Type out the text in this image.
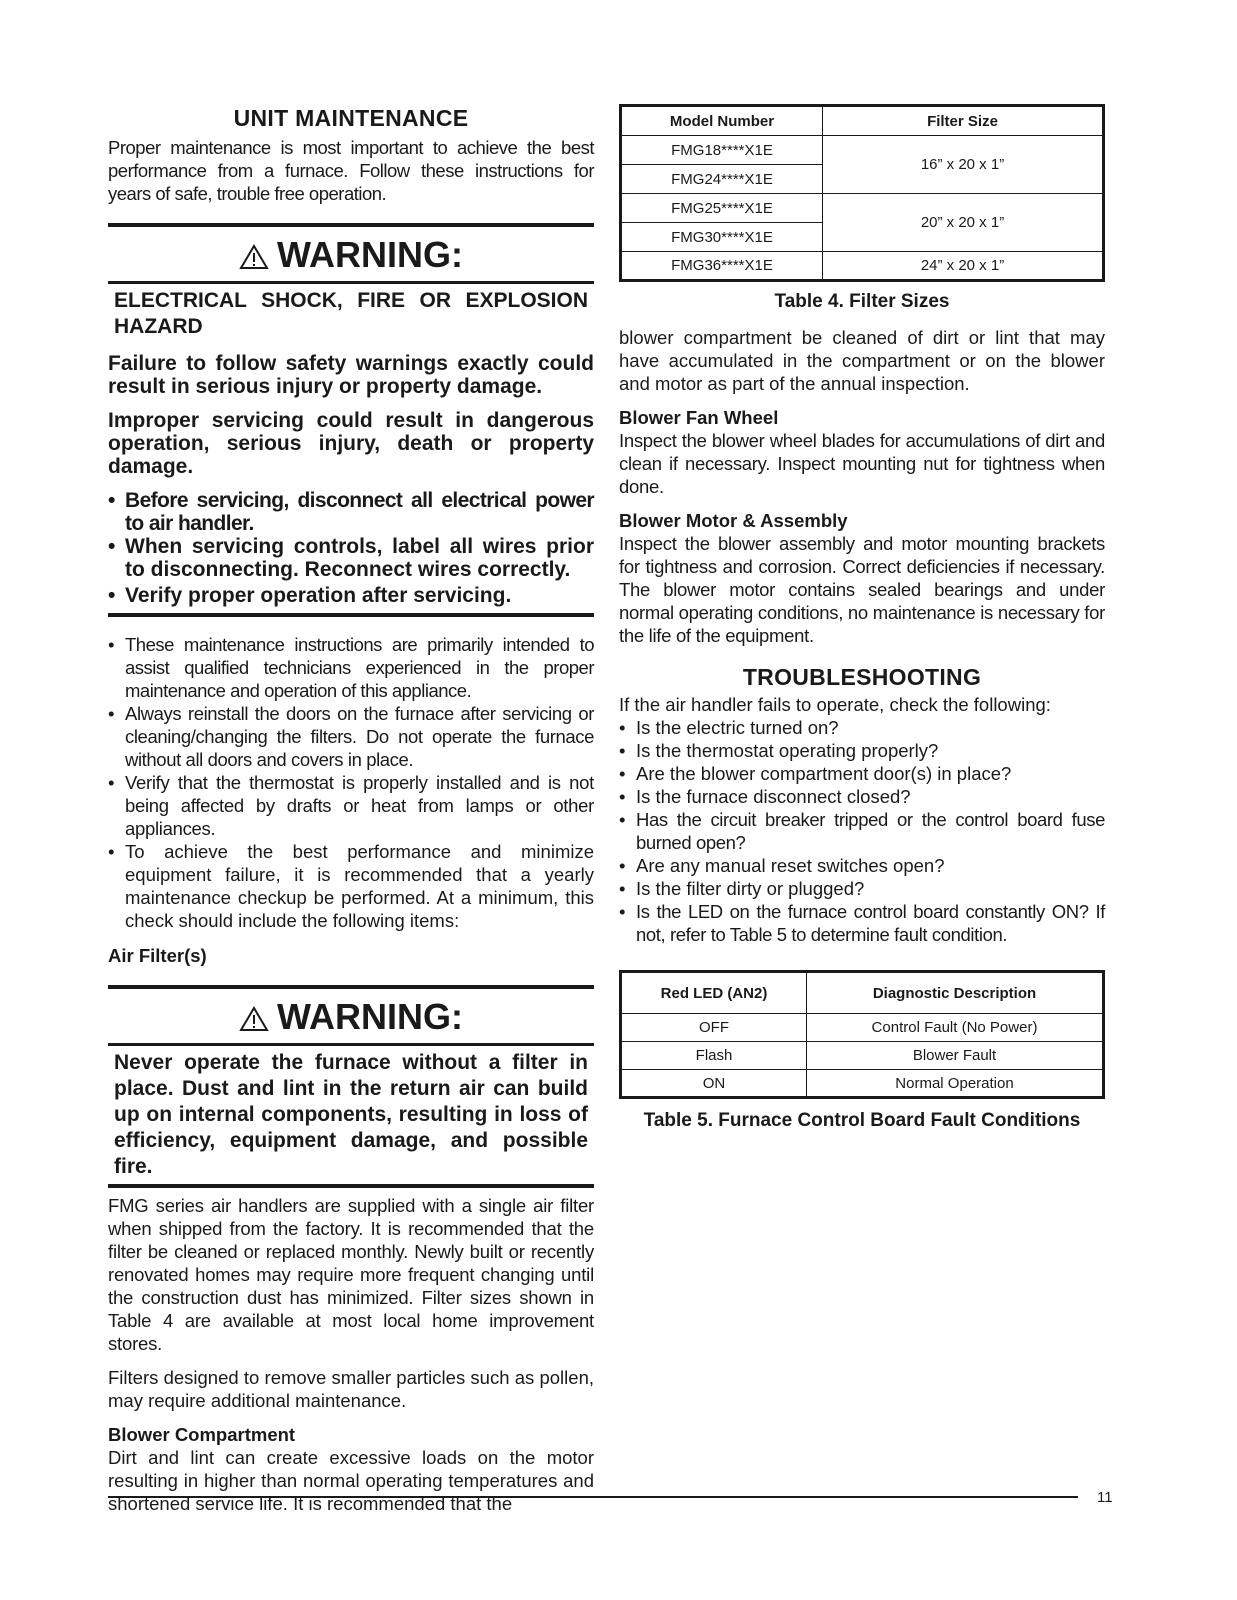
UNIT MAINTENANCE

Proper maintenance is most important to achieve the best performance from a furnace. Follow these instructions for years of safe, trouble free operation.

WARNING:

ELECTRICAL SHOCK, FIRE OR EXPLOSION HAZARD

Failure to follow safety warnings exactly could result in serious injury or property damage.

Improper servicing could result in dangerous operation, serious injury, death or property damage.

• Before servicing, disconnect all electrical power to air handler.
• When servicing controls, label all wires prior to disconnecting. Reconnect wires correctly.
• Verify proper operation after servicing.
• These maintenance instructions are primarily intended to assist qualified technicians experienced in the proper maintenance and operation of this appliance.
• Always reinstall the doors on the furnace after servicing or cleaning/changing the filters. Do not operate the furnace without all doors and covers in place.
• Verify that the thermostat is properly installed and is not being affected by drafts or heat from lamps or other appliances.
• To achieve the best performance and minimize equipment failure, it is recommended that a yearly maintenance checkup be performed. At a minimum, this check should include the following items:

Air Filter(s)

WARNING:

Never operate the furnace without a filter in place. Dust and lint in the return air can build up on internal components, resulting in loss of efficiency, equipment damage, and possible fire.

FMG series air handlers are supplied with a single air filter when shipped from the factory. It is recommended that the filter be cleaned or replaced monthly. Newly built or recently renovated homes may require more frequent changing until the construction dust has minimized. Filter sizes shown in Table 4 are available at most local home improvement stores.

Filters designed to remove smaller particles such as pollen, may require additional maintenance.

Blower Compartment

Dirt and lint can create excessive loads on the motor resulting in higher than normal operating temperatures and shortened service life. It is recommended that the

Model Number	Filter Size
FMG18****X1E	16” x 20 x 1”
FMG24****X1E	
FMG25****X1E	20” x 20 x 1”
FMG30****X1E	
FMG36****X1E	24” x 20 x 1”

Table 4. Filter Sizes

blower compartment be cleaned of dirt or lint that may have accumulated in the compartment or on the blower and motor as part of the annual inspection.

Blower Fan Wheel

Inspect the blower wheel blades for accumulations of dirt and clean if necessary. Inspect mounting nut for tightness when done.

Blower Motor & Assembly

Inspect the blower assembly and motor mounting brackets for tightness and corrosion. Correct deficiencies if necessary. The blower motor contains sealed bearings and under normal operating conditions, no maintenance is necessary for the life of the equipment.

TROUBLESHOOTING

If the air handler fails to operate, check the following:

• Is the electric turned on?
• Is the thermostat operating properly?
• Are the blower compartment door(s) in place?
• Is the furnace disconnect closed?
• Has the circuit breaker tripped or the control board fuse burned open?
• Are any manual reset switches open?
• Is the filter dirty or plugged?
• Is the LED on the furnace control board constantly ON? If not, refer to Table 5 to determine fault condition.
Red LED (AN2)	Diagnostic Description
OFF	Control Fault (No Power)
Flash	Blower Fault
ON	Normal Operation

Table 5. Furnace Control Board Fault Conditions

11
